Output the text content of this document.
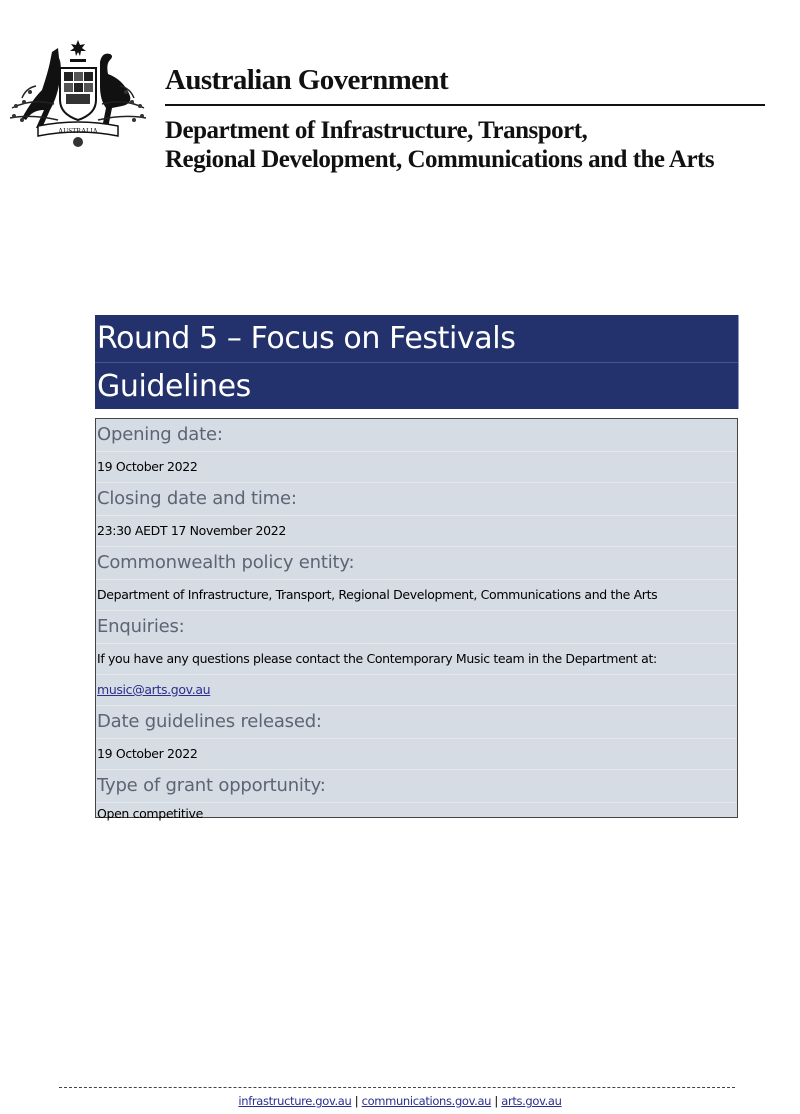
AUSTRALIA
Australian Government
Department of Infrastructure, Transport,
Regional Development, Communications and the Arts
Round 5 – Focus on Festivals
Guidelines
Opening date:
19 October 2022
Closing date and time:
23:30 AEDT 17 November 2022
Commonwealth policy entity:
Department of Infrastructure, Transport, Regional Development, Communications and the Arts
Enquiries:
If you have any questions please contact the Contemporary Music team in the Department at:
music@arts.gov.au
Date guidelines released:
19 October 2022
Type of grant opportunity:
Open competitive
infrastructure.gov.au | communications.gov.au | arts.gov.au
